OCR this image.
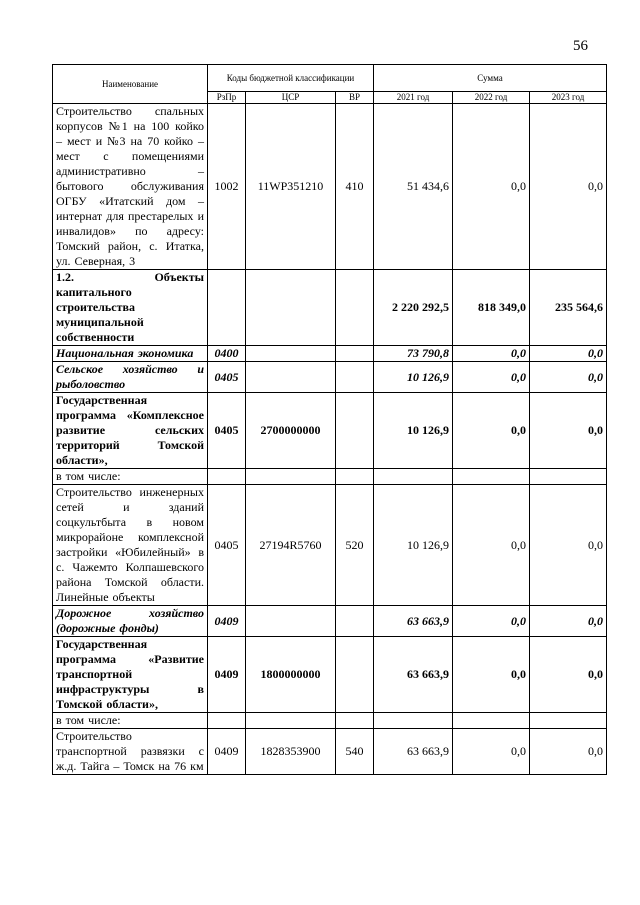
56
Наименование	Коды бюджетной классификации			Сумма		
	РзПр	ЦСР	ВР	2021 год	2022 год	2023 год
Строительство спальных корпусов №1 на 100 койко – мест и №3 на 70 койко – мест с помещениями административно – бытового обслуживания ОГБУ «Итатский дом – интернат для престарелых и инвалидов» по адресу: Томский район, с. Итатка, ул. Северная, 3	1002	11WP351210	410	51 434,6	0,0	0,0
1.2. Объекты капитального строительства муниципальной собственности				2 220 292,5	818 349,0	235 564,6
Национальная экономика	0400			73 790,8	0,0	0,0
Сельское хозяйство и рыболовство	0405			10 126,9	0,0	0,0
Государственная программа «Комплексное развитие сельских территорий Томской области»,	0405	2700000000		10 126,9	0,0	0,0
в том числе:						
Строительство инженерных сетей и зданий соцкультбыта в новом микрорайоне комплексной застройки «Юбилейный» в с. Чажемто Колпашевского района Томской области. Линейные объекты	0405	27194R5760	520	10 126,9	0,0	0,0
Дорожное хозяйство (дорожные фонды)	0409			63 663,9	0,0	0,0
Государственная программа «Развитие транспортной инфраструктуры в Томской области»,	0409	1800000000		63 663,9	0,0	0,0
в том числе:						
Строительство транспортной развязки с ж.д. Тайга – Томск на 76 км	0409	1828353900	540	63 663,9	0,0	0,0
